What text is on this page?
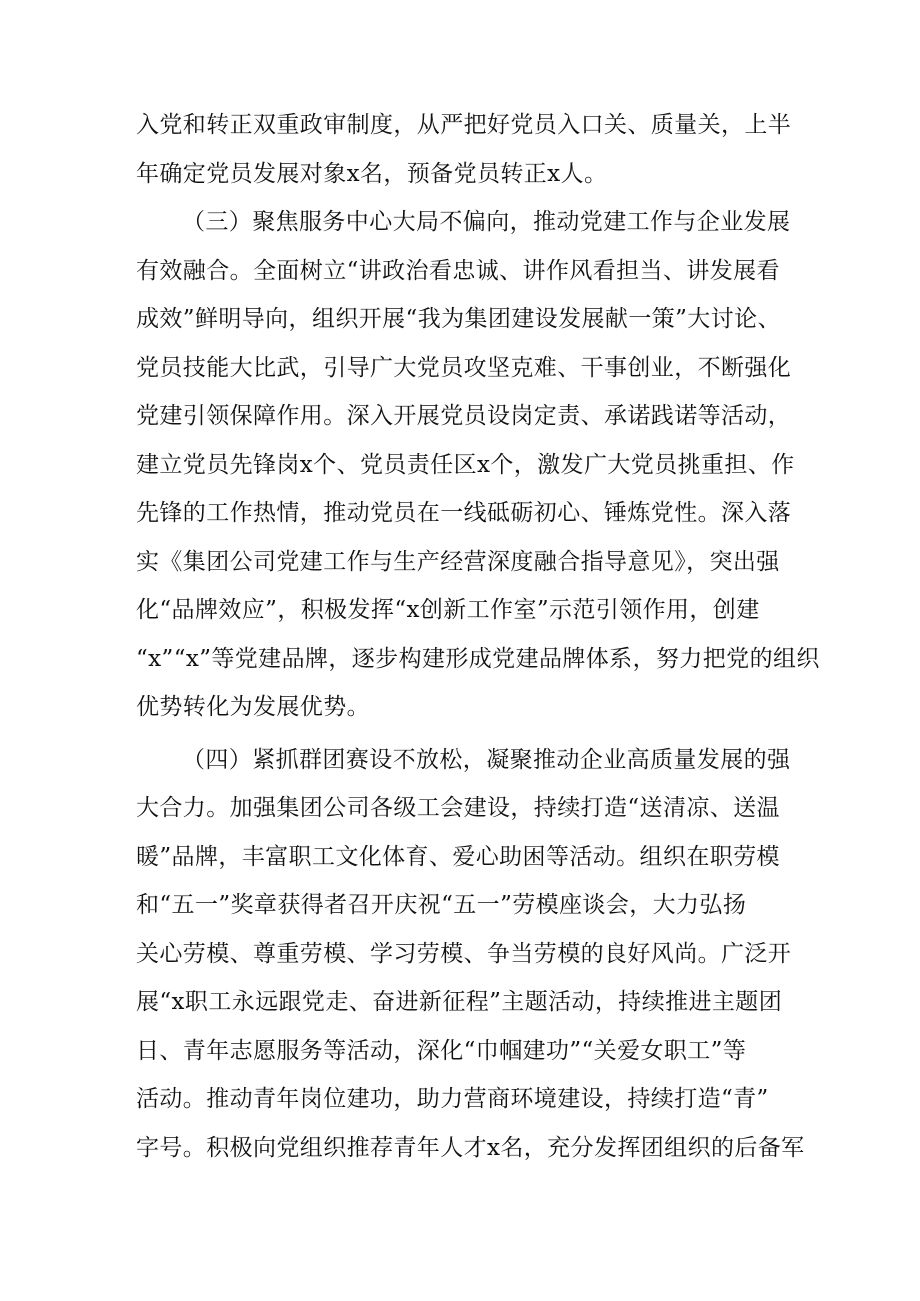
入党和转正双重政审制度，从严把好党员入口关、质量关，上半
年确定党员发展对象x名，预备党员转正x人。
（三）聚焦服务中心大局不偏向，推动党建工作与企业发展
有效融合。全面树立“讲政治看忠诚、讲作风看担当、讲发展看
成效”鲜明导向，组织开展“我为集团建设发展献一策”大讨论、
党员技能大比武，引导广大党员攻坚克难、干事创业，不断强化
党建引领保障作用。深入开展党员设岗定责、承诺践诺等活动，
建立党员先锋岗x个、党员责任区x个，激发广大党员挑重担、作
先锋的工作热情，推动党员在一线砥砺初心、锤炼党性。深入落
实《集团公司党建工作与生产经营深度融合指导意见》，突出强
化“品牌效应”，积极发挥“x创新工作室”示范引领作用，创建
“x”“x”等党建品牌，逐步构建形成党建品牌体系，努力把党的组织
优势转化为发展优势。
（四）紧抓群团赛设不放松，凝聚推动企业高质量发展的强
大合力。加强集团公司各级工会建设，持续打造“送清凉、送温
暖”品牌，丰富职工文化体育、爱心助困等活动。组织在职劳模
和“五一”奖章获得者召开庆祝“五一”劳模座谈会，大力弘扬
关心劳模、尊重劳模、学习劳模、争当劳模的良好风尚。广泛开
展“x职工永远跟党走、奋进新征程”主题活动，持续推进主题团
日、青年志愿服务等活动，深化“巾帼建功”“关爱女职工”等
活动。推动青年岗位建功，助力营商环境建设，持续打造“青”
字号。积极向党组织推荐青年人才x名，充分发挥团组织的后备军
